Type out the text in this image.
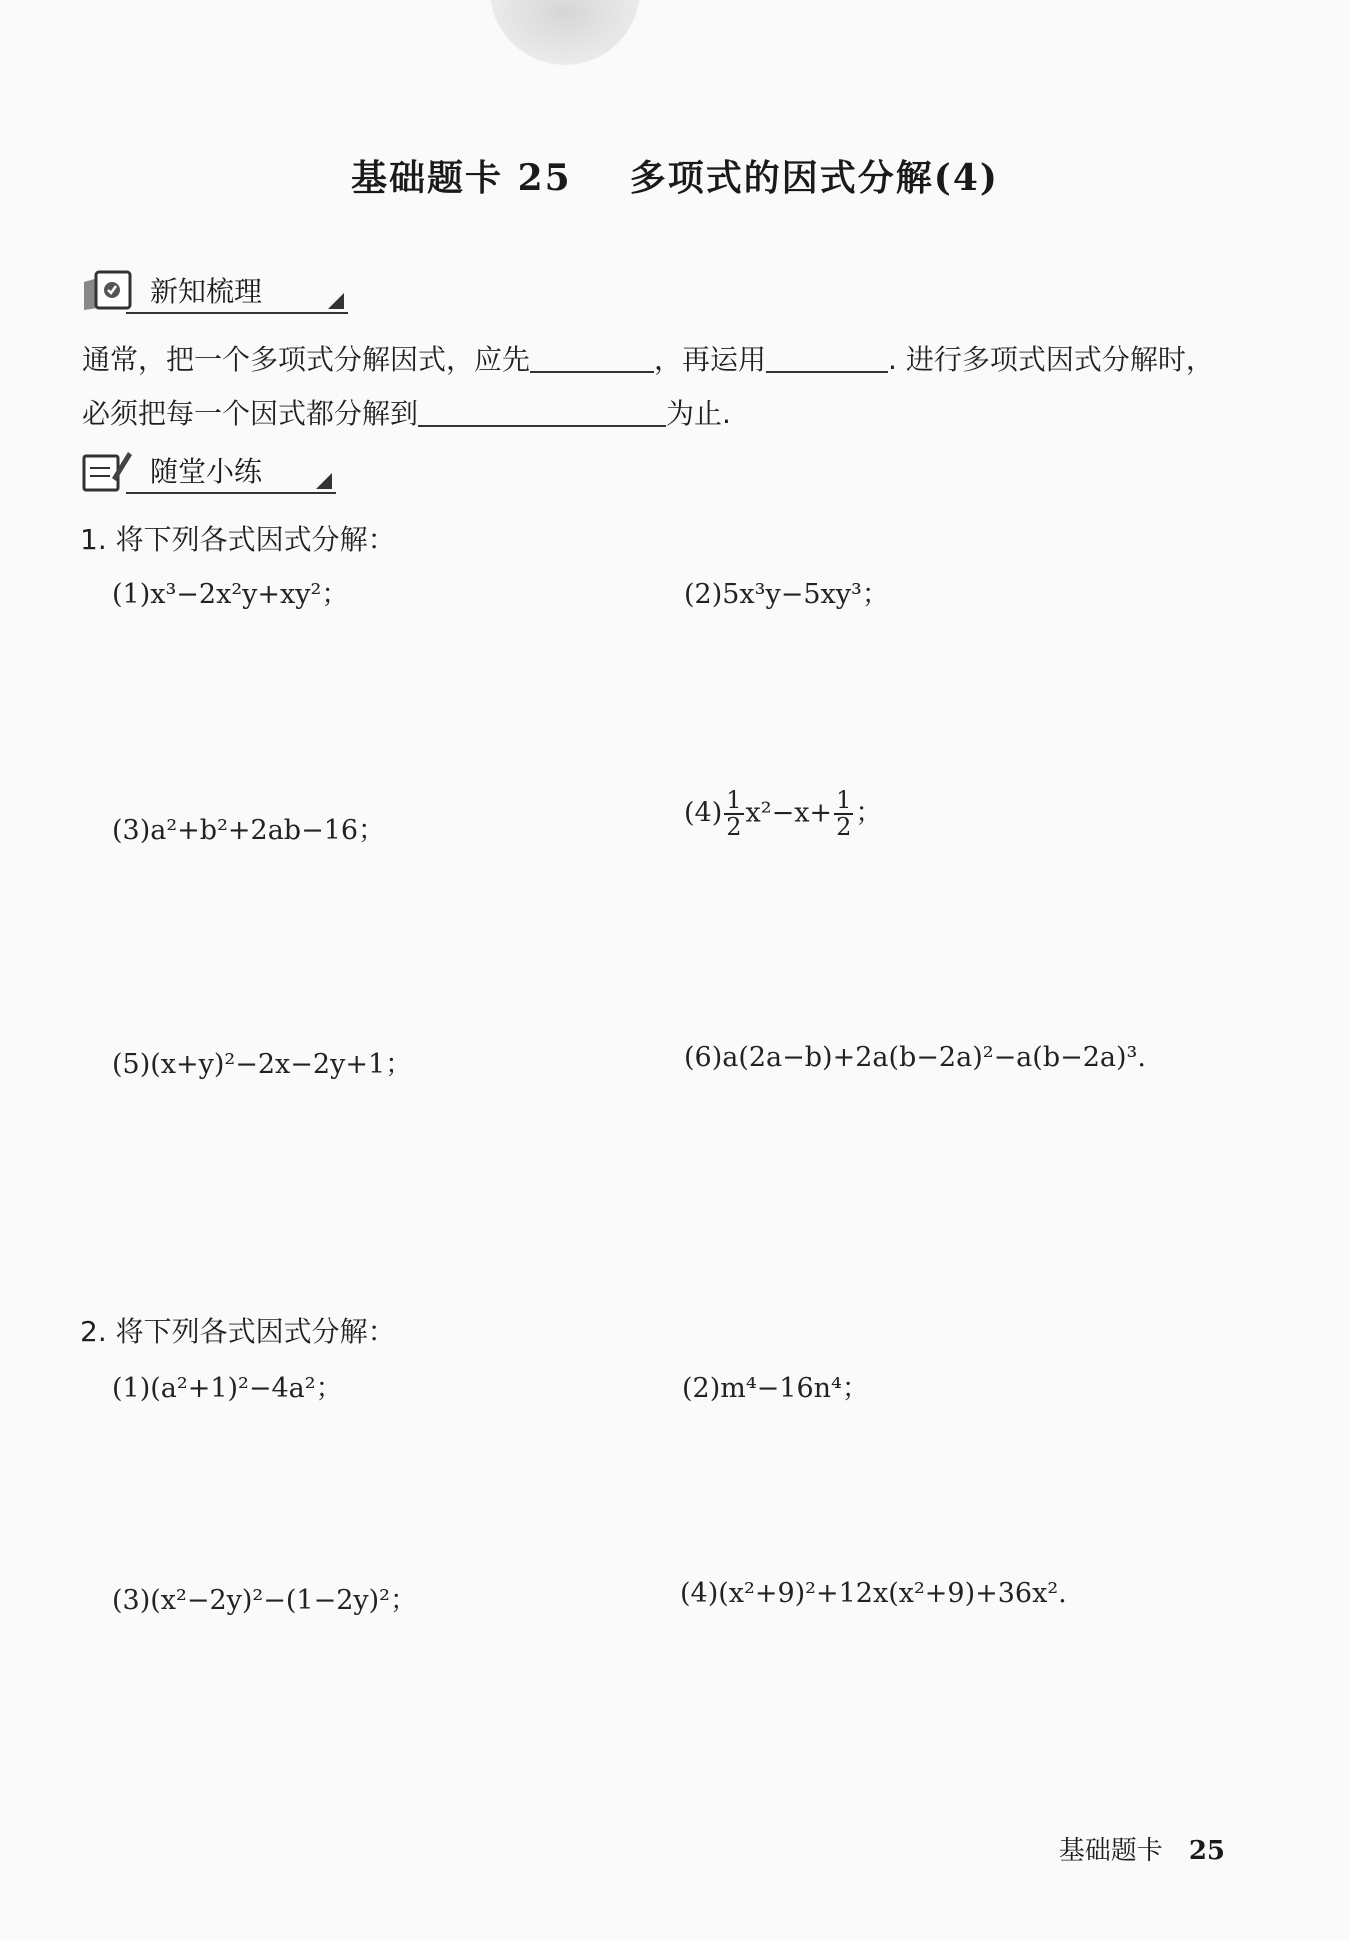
基础题卡 25    多项式的因式分解(4)
新知梳理
通常，把一个多项式分解因式，应先	，再运用	. 进行多项式因式分解时，
必须把每一个因式都分解到	为止.
随堂小练
1. 将下列各式因式分解：
(1)x³−2x²y+xy²；	(2)5x³y−5xy³；
(3)a²+b²+2ab−16；
$(4) \frac{1}{2} x^2-x+ \frac{1}{2}$ ；
(5)(x+y)²−2x−2y+1；	(6)a(2a−b)+2a(b−2a)²−a(b−2a)³.
2. 将下列各式因式分解：
(1)(a²+1)²−4a²；	(2)m⁴−16n⁴；
(3)(x²−2y)²−(1−2y)²；	(4)(x²+9)²+12x(x²+9)+36x².
基础题卡 25
